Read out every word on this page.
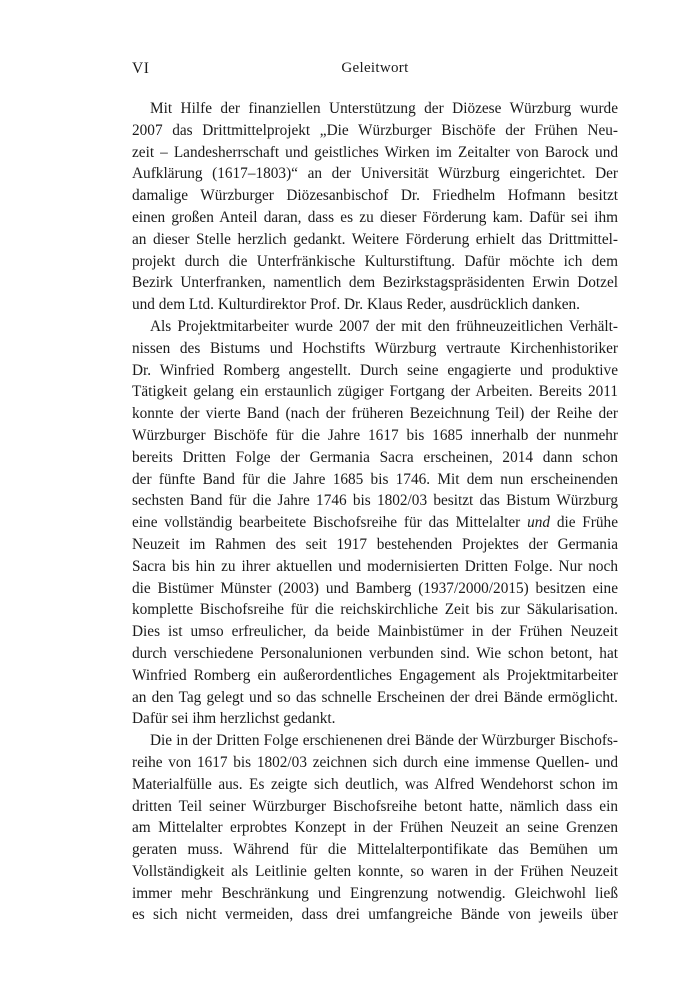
VI	Geleitwort
Mit Hilfe der finanziellen Unterstützung der Diözese Würzburg wurde
2007 das Drittmittelprojekt „Die Würzburger Bischöfe der Frühen Neu-
zeit – Landesherrschaft und geistliches Wirken im Zeitalter von Barock und
Aufklärung (1617–1803)“ an der Universität Würzburg eingerichtet. Der
damalige Würzburger Diözesanbischof Dr. Friedhelm Hofmann besitzt
einen großen Anteil daran, dass es zu dieser Förderung kam. Dafür sei ihm
an dieser Stelle herzlich gedankt. Weitere Förderung erhielt das Drittmittel-
projekt durch die Unterfränkische Kulturstiftung. Dafür möchte ich dem
Bezirk Unterfranken, namentlich dem Bezirkstagspräsidenten Erwin Dotzel
und dem Ltd. Kulturdirektor Prof. Dr. Klaus Reder, ausdrücklich danken.
Als Projektmitarbeiter wurde 2007 der mit den frühneuzeitlichen Verhält-
nissen des Bistums und Hochstifts Würzburg vertraute Kirchenhistoriker
Dr. Winfried Romberg angestellt. Durch seine engagierte und produktive
Tätigkeit gelang ein erstaunlich zügiger Fortgang der Arbeiten. Bereits 2011
konnte der vierte Band (nach der früheren Bezeichnung Teil) der Reihe der
Würzburger Bischöfe für die Jahre 1617 bis 1685 innerhalb der nunmehr
bereits Dritten Folge der Germania Sacra erscheinen, 2014 dann schon
der fünfte Band für die Jahre 1685 bis 1746. Mit dem nun erscheinenden
sechsten Band für die Jahre 1746 bis 1802/03 besitzt das Bistum Würzburg
eine vollständig bearbeitete Bischofsreihe für das Mittelalter und die Frühe
Neuzeit im Rahmen des seit 1917 bestehenden Projektes der Germania
Sacra bis hin zu ihrer aktuellen und modernisierten Dritten Folge. Nur noch
die Bistümer Münster (2003) und Bamberg (1937/2000/2015) besitzen eine
komplette Bischofsreihe für die reichskirchliche Zeit bis zur Säkularisation.
Dies ist umso erfreulicher, da beide Mainbistümer in der Frühen Neuzeit
durch verschiedene Personalunionen verbunden sind. Wie schon betont, hat
Winfried Romberg ein außerordentliches Engagement als Projektmitarbeiter
an den Tag gelegt und so das schnelle Erscheinen der drei Bände ermöglicht.
Dafür sei ihm herzlichst gedankt.
Die in der Dritten Folge erschienenen drei Bände der Würzburger Bischofs-
reihe von 1617 bis 1802/03 zeichnen sich durch eine immense Quellen- und
Materialfülle aus. Es zeigte sich deutlich, was Alfred Wendehorst schon im
dritten Teil seiner Würzburger Bischofsreihe betont hatte, nämlich dass ein
am Mittelalter erprobtes Konzept in der Frühen Neuzeit an seine Grenzen
geraten muss. Während für die Mittelalterpontifikate das Bemühen um
Vollständigkeit als Leitlinie gelten konnte, so waren in der Frühen Neuzeit
immer mehr Beschränkung und Eingrenzung notwendig. Gleichwohl ließ
es sich nicht vermeiden, dass drei umfangreiche Bände von jeweils über
